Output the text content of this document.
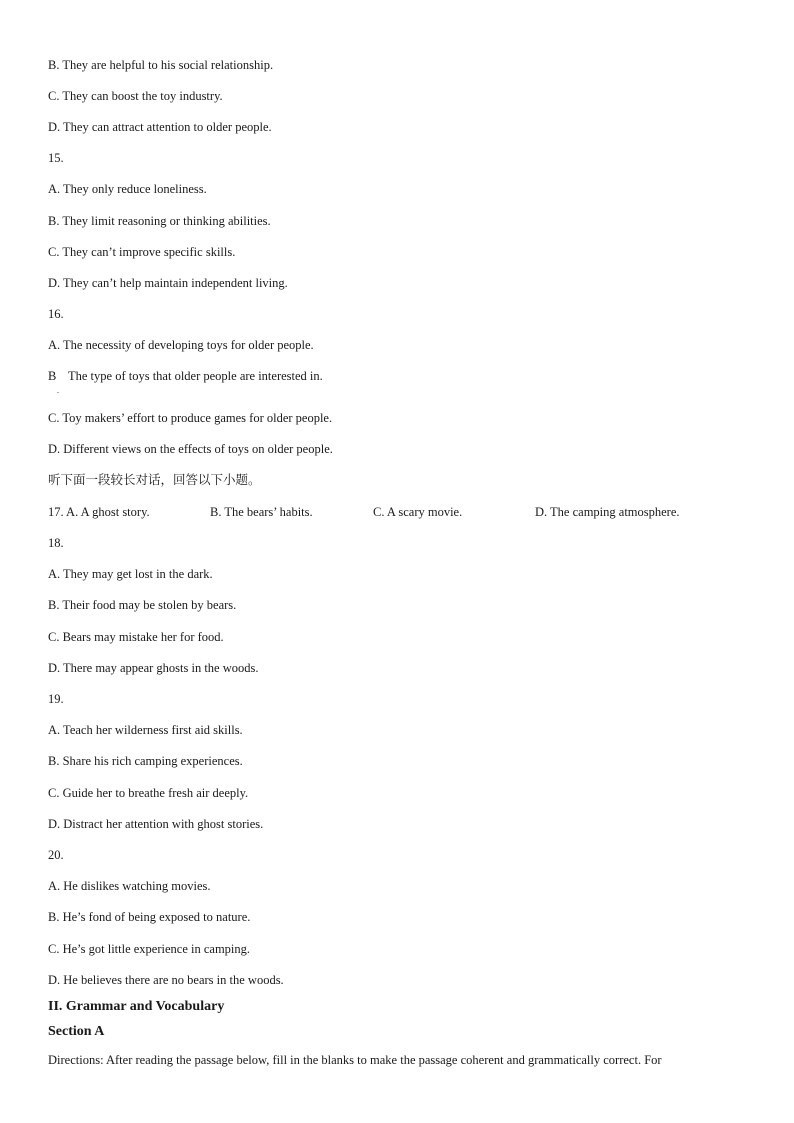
B. They are helpful to his social relationship.
C. They can boost the toy industry.
D. They can attract attention to older people.
15.
A. They only reduce loneliness.
B. They limit reasoning or thinking abilities.
C. They can’t improve specific skills.
D. They can’t help maintain independent living.
16.
A. The necessity of developing toys for older people.
B The type of toys that older people are interested in.
.
C. Toy makers’ effort to produce games for older people.
D. Different views on the effects of toys on older people.
听下面一段较长对话，回答以下小题。
17. A. A ghost story.	B. The bears’ habits.	C. A scary movie.	D. The camping atmosphere.
18.
A. They may get lost in the dark.
B. Their food may be stolen by bears.
C. Bears may mistake her for food.
D. There may appear ghosts in the woods.
19.
A. Teach her wilderness first aid skills.
B. Share his rich camping experiences.
C. Guide her to breathe fresh air deeply.
D. Distract her attention with ghost stories.
20.
A. He dislikes watching movies.
B. He’s fond of being exposed to nature.
C. He’s got little experience in camping.
D. He believes there are no bears in the woods.
II. Grammar and Vocabulary
Section A
Directions: After reading the passage below, fill in the blanks to make the passage coherent and grammatically correct. For
